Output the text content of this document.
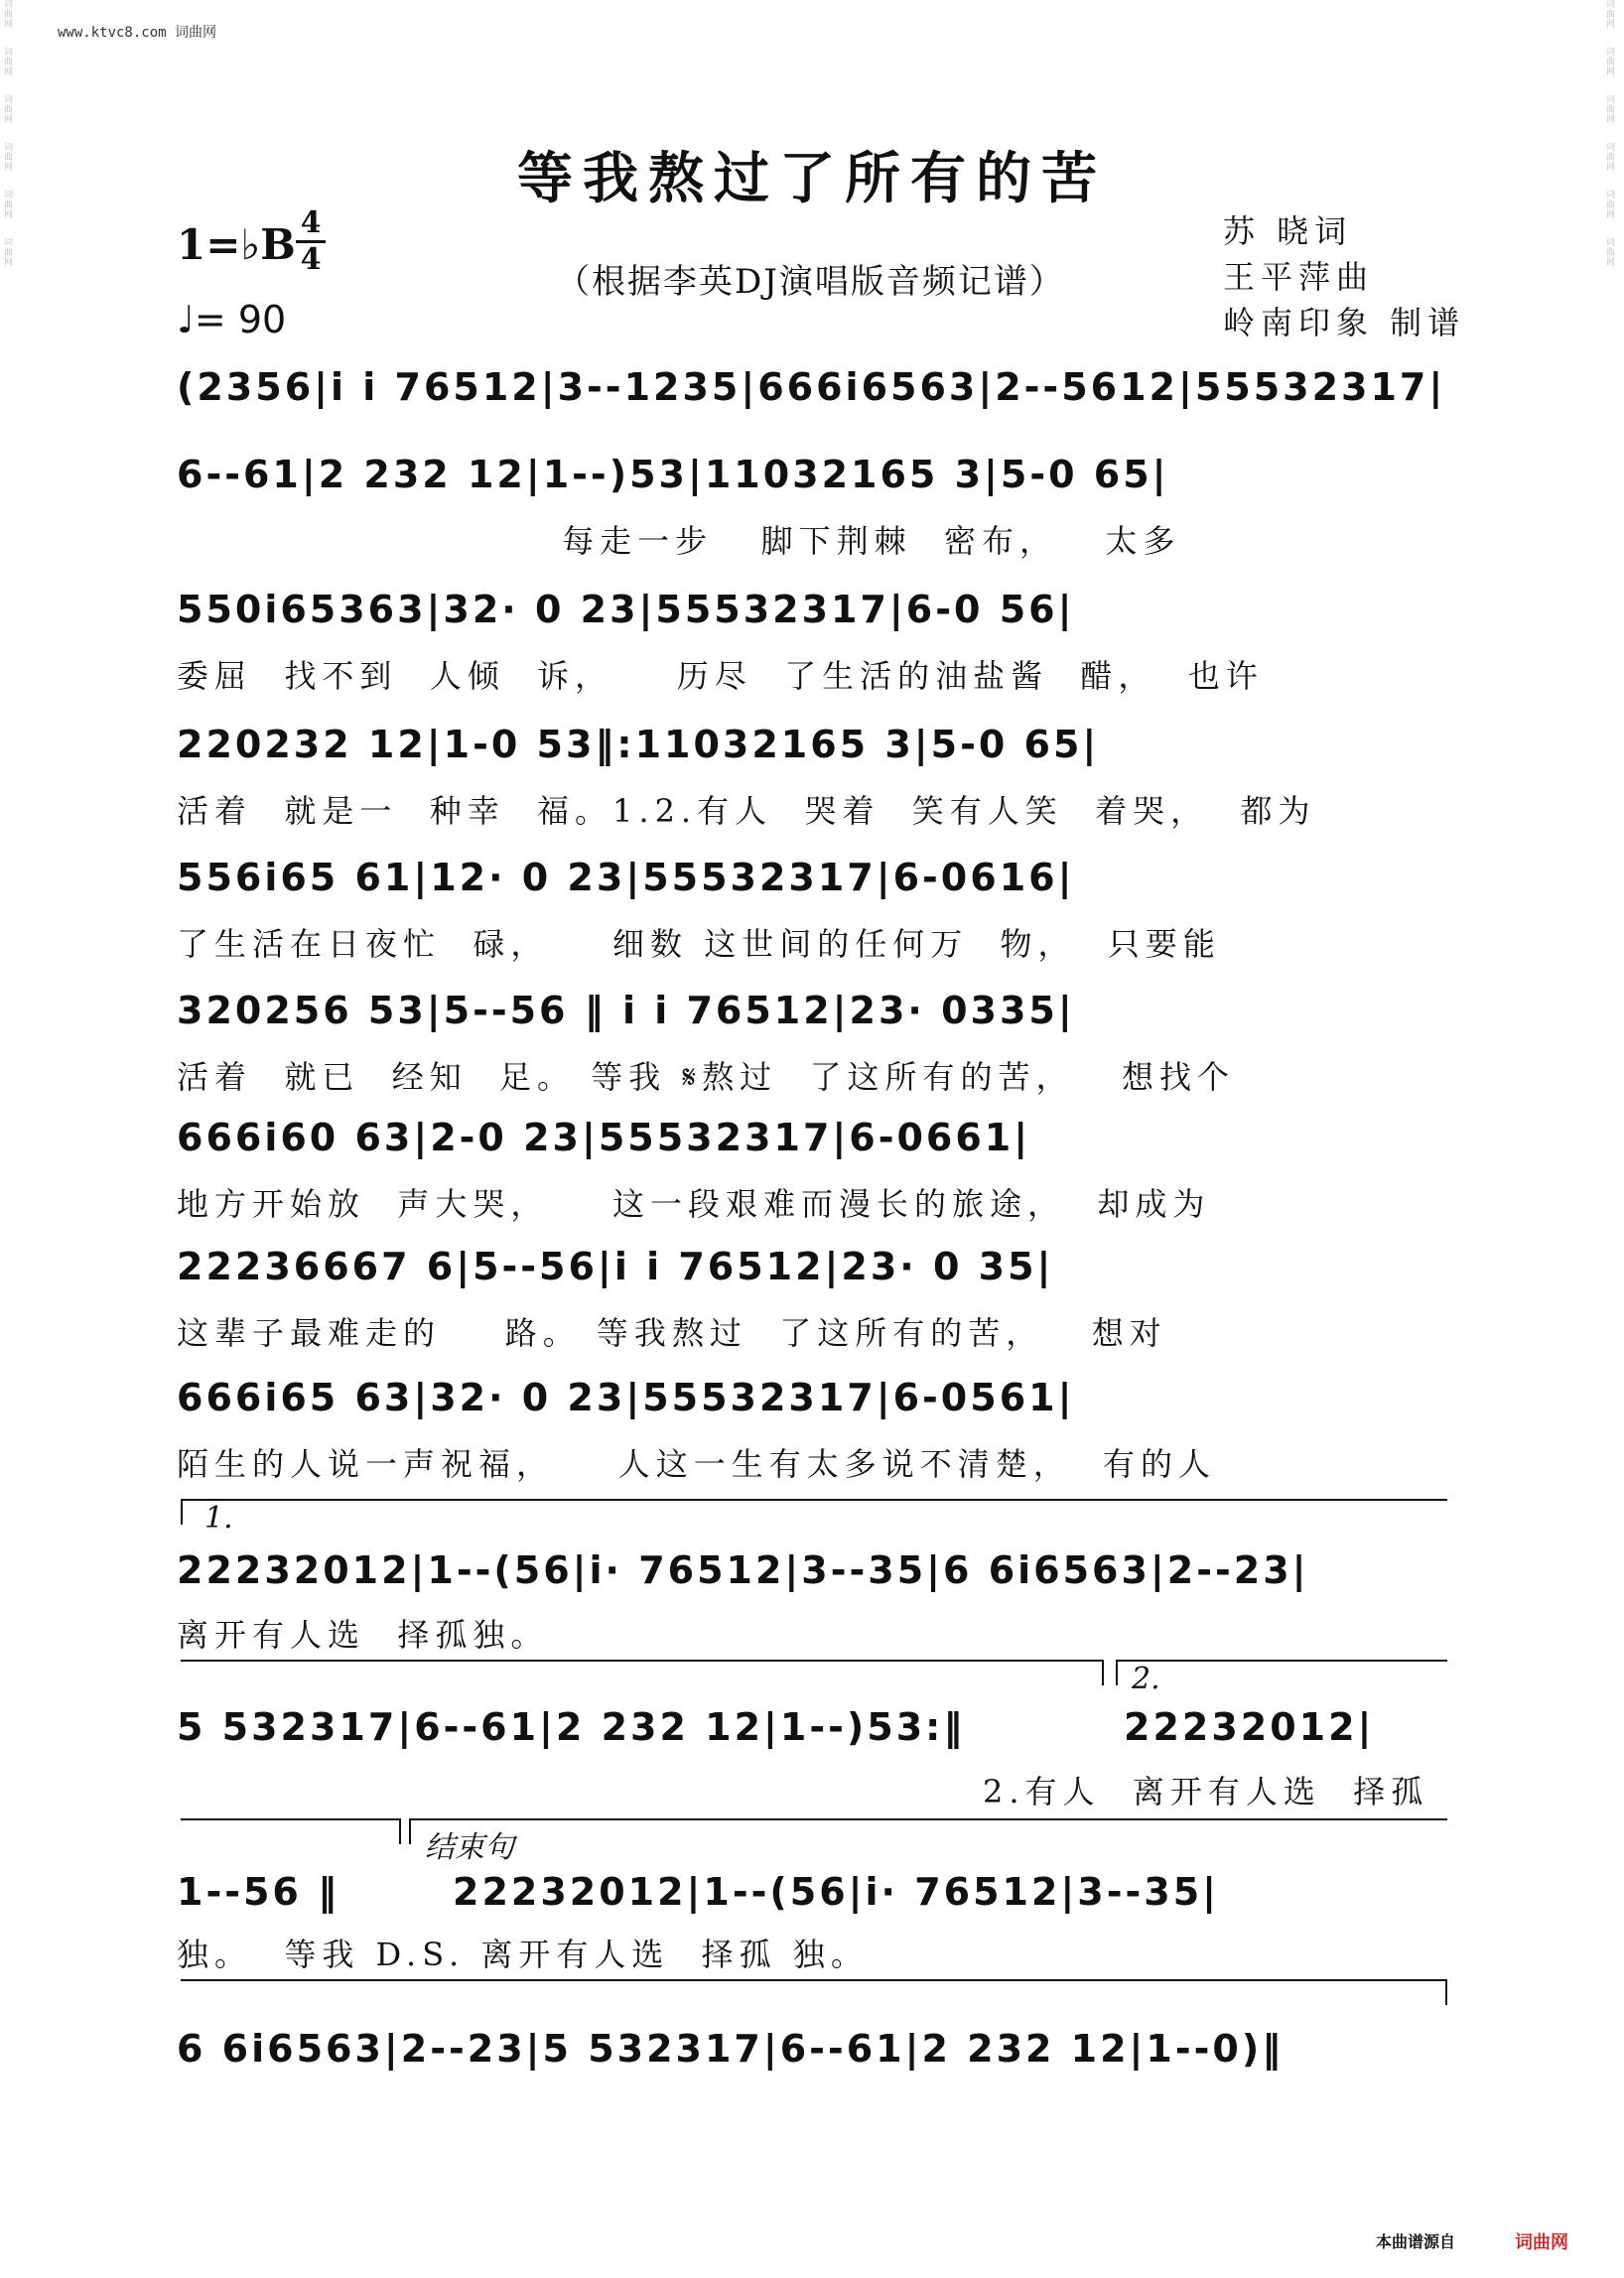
词曲网
词曲网
词曲网
词曲网
词曲网
词曲网
词曲网
词曲网
词曲网
词曲网
词曲网
词曲网
www.ktvc8.com 词曲网
等我熬过了所有的苦
1=♭B 4
4
♩= 90
（根据李英DJ演唱版音频记谱）
苏 晓词
王平萍曲
岭南印象 制谱
(2356|i i 76512|3--1235|666i6563|2--5612|55532317|
6--61|2 232 12|1--)53|11032165 3|5-0 65|
每走一步   脚下荆棘  密布，   太多
550i65363|32· 0 23|55532317|6-0 56|
委屈  找不到  人倾  诉，    历尽  了生活的油盐酱  醋，  也许
220232 12|1-0 53‖:11032165 3|5-0 65|
活着  就是一  种幸  福。1.2.有人  哭着  笑有人笑  着哭，  都为
556i65 61|12· 0 23|55532317|6-0616|
了生活在日夜忙  碌，    细数 这世间的任何万  物，  只要能
320256 53|5--56 ‖ i i 76512|23· 0335|
活着  就已  经知  足。 等我 𝄋熬过  了这所有的苦，   想找个
666i60 63|2-0 23|55532317|6-0661|
地方开始放  声大哭，    这一段艰难而漫长的旅途，  却成为
22236667 6|5--56|i i 76512|23· 0 35|
这辈子最难走的    路。 等我熬过  了这所有的苦，   想对
666i65 63|32· 0 23|55532317|6-0561|
陌生的人说一声祝福，    人这一生有太多说不清楚，  有的人
1.
22232012|1--(56|i· 76512|3--35|6 6i6563|2--23|
离开有人选  择孤独。
2.
5 532317|6--61|2 232 12|1--)53:‖	22232012|
2.有人  离开有人选  择孤
结束句
1--56 ‖	22232012|1--(56|i· 76512|3--35|
独。  等我 D.S. 离开有人选  择孤 独。
6 6i6563|2--23|5 532317|6--61|2 232 12|1--0)‖
本曲谱源自	词曲网
